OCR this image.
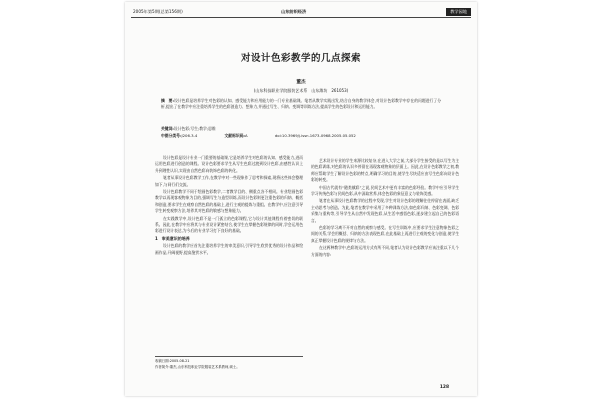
2005年第5期(总第156期)	山东纺织经济	教学园地
对设计色彩教学的几点探索
董杰
(山东科技职业学院服装艺术系　山东潍坊　261053)
摘　要:设计色彩是培养学生对色彩的认知、感受能力和应用能力的一门专业基础课。笔者从教学实践出发,结合自身的教学体会,对设计色彩教学中存在的问题进行了分析,提出了在教学中应注重培养学生的色彩创造力、想象力,并通过写生、归纳、变调等训练方法,提高学生的色彩设计和运用能力。
关键词:设计色彩;写生;教学;思维
中图分类号:J206.3-4	文献标识码:A	doi:10.3969/j.issn.1673-0968.2005.05.052

设计色彩是设计专业一门重要的基础课,它是培养学生对色彩的认知、感受能力,进而运用色彩进行创造的课程。设计色彩要求学生从写生色彩过渡到设计色彩,由感性认识上升到理性认识,实现由自然色彩向装饰色彩的转化。

笔者从事设计色彩教学工作,在教学中对一些现象作了思考和探索,现将这些体会整理如下,与同行们交流。

设计色彩教学不同于绘画色彩教学,二者教学目的、侧重点各不相同。专业绘画色彩教学以再现客观物象为目的,强调写生与造型训练,而设计色彩则更注重色彩的归纳、概括和创造,要求学生在观察自然色彩的基础上,进行主观的提炼与重组。在教学中,应注意引导学生转变观察方法,培养其对色彩的敏感与想象能力。

在实践教学中,设计色彩不是一门孤立的色彩课程,它与设计其他课程有着密切的联系。因此,在教学中应将其与专业设计紧密结合,使学生在掌握色彩规律的同时,学会运用色彩进行设计表达,为今后的专业学习打下良好的基础。

1　审美意识的培养

设计色彩的教学应首先注重培养学生的审美意识,引导学生欣赏优秀的设计作品和绘画作品,开阔视野,提高鉴赏水平。

艺术设计专业的学生来源比较复杂,在进入大学之前,大部分学生接受的是以写生为主的色彩训练,对色彩的认识多停留在再现客观物象的层面上。因此,在设计色彩教学之初,教师应帮助学生了解设计色彩的特点,明确学习的目的,使学生尽快适应由写生色彩向设计色彩的转变。

中国古代就有“随类赋彩”之说,民间艺术中更有丰富的色彩经验。教学中应引导学生学习传统色彩与民间色彩,从中汲取营养,体会色彩的象征意义与装饰美感。

笔者在从事设计色彩教学的过程中发现,学生对设计色彩的理解往往停留在表面,缺乏主动思考与创造。为此,笔者在教学中采用了多种训练方法,如色彩归纳、色彩变调、色彩采集与重构等,引导学生从自然中发现色彩,从生活中感悟色彩,逐步建立起自己的色彩语言。

色彩的学习离不开对自然的观察与感受。在写生训练中,应要求学生注意物象色彩之间的关系,学会用概括、归纳的方法表现色彩,在此基础上再进行主观的变化与创造,使学生真正掌握设计色彩的规律与方法。

在这两种教学中,色彩的运用方式有所不同,笔者认为设计色彩教学应该注重以下几个方面的内容:

收稿日期:2005-08-21
作者简介:董杰,山东科技职业学院服装艺术系教师,硕士。
128
